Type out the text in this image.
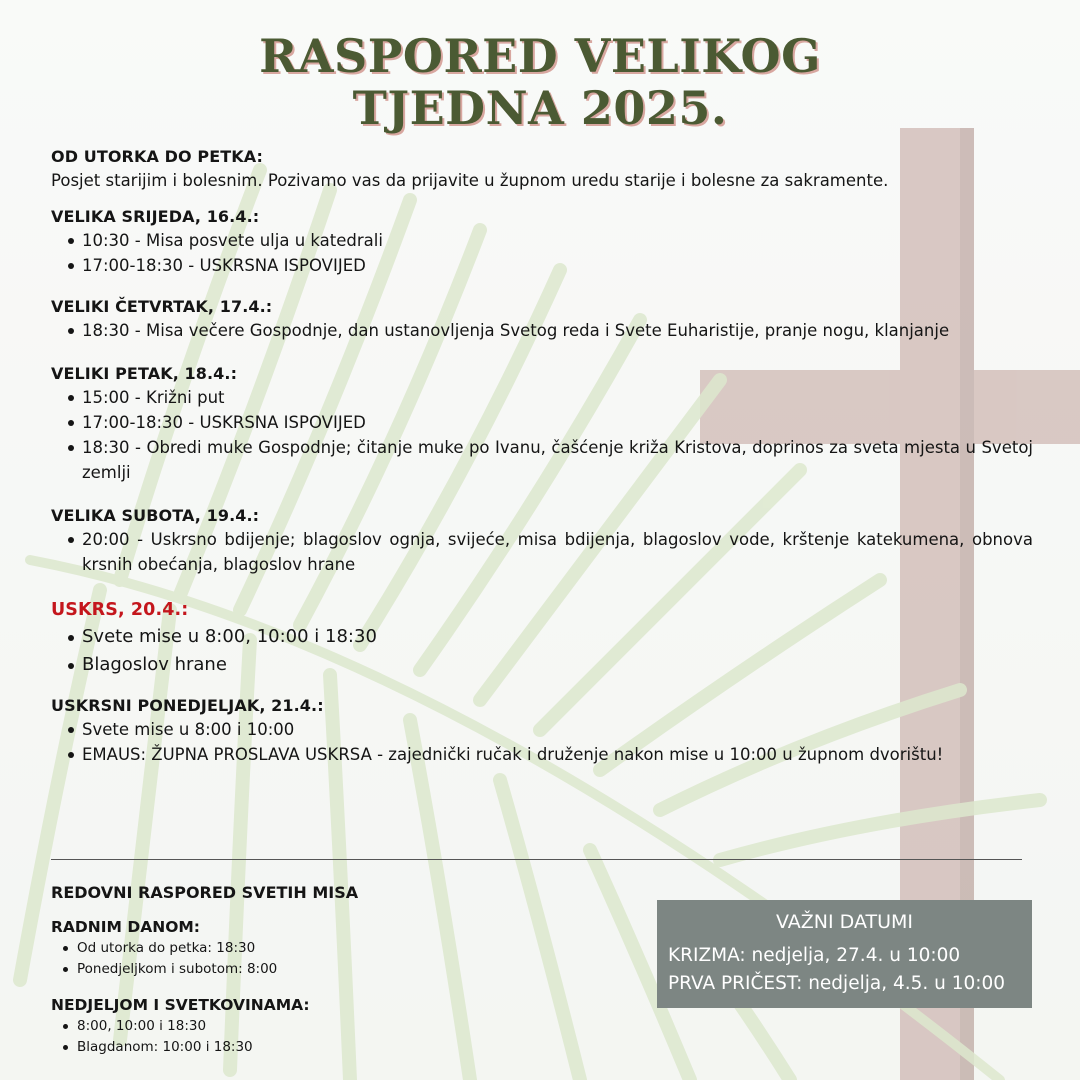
RASPORED VELIKOG
TJEDNA 2025.

OD UTORKA DO PETKA:

Posjet starijim i bolesnim. Pozivamo vas da prijavite u župnom uredu starije i bolesne za sakramente.

VELIKA SRIJEDA, 16.4.:

10:30 - Misa posvete ulja u katedrali
17:00-18:30 - USKRSNA ISPOVIJED

VELIKI ČETVRTAK, 17.4.:

18:30 - Misa večere Gospodnje, dan ustanovljenja Svetog reda i Svete Euharistije, pranje nogu, klanjanje

VELIKI PETAK, 18.4.:

15:00 - Križni put
17:00-18:30 - USKRSNA ISPOVIJED
18:30 - Obredi muke Gospodnje; čitanje muke po Ivanu, čašćenje križa Kristova, doprinos za sveta mjesta u Svetoj zemlji

VELIKA SUBOTA, 19.4.:

20:00 - Uskrsno bdijenje; blagoslov ognja, svijeće, misa bdijenja, blagoslov vode, krštenje katekumena, obnova krsnih obećanja, blagoslov hrane

USKRS, 20.4.:

Svete mise u 8:00, 10:00 i 18:30
Blagoslov hrane

USKRSNI PONEDJELJAK, 21.4.:

Svete mise u 8:00 i 10:00
EMAUS: ŽUPNA PROSLAVA USKRSA - zajednički ručak i druženje nakon mise u 10:00 u župnom dvorištu!

REDOVNI RASPORED SVETIH MISA

RADNIM DANOM:

Od utorka do petka: 18:30
Ponedjeljkom i subotom: 8:00

NEDJELJOM I SVETKOVINAMA:

8:00, 10:00 i 18:30
Blagdanom: 10:00 i 18:30

VAŽNI DATUMI

KRIZMA: nedjelja, 27.4. u 10:00

PRVA PRIČEST: nedjelja, 4.5. u 10:00
